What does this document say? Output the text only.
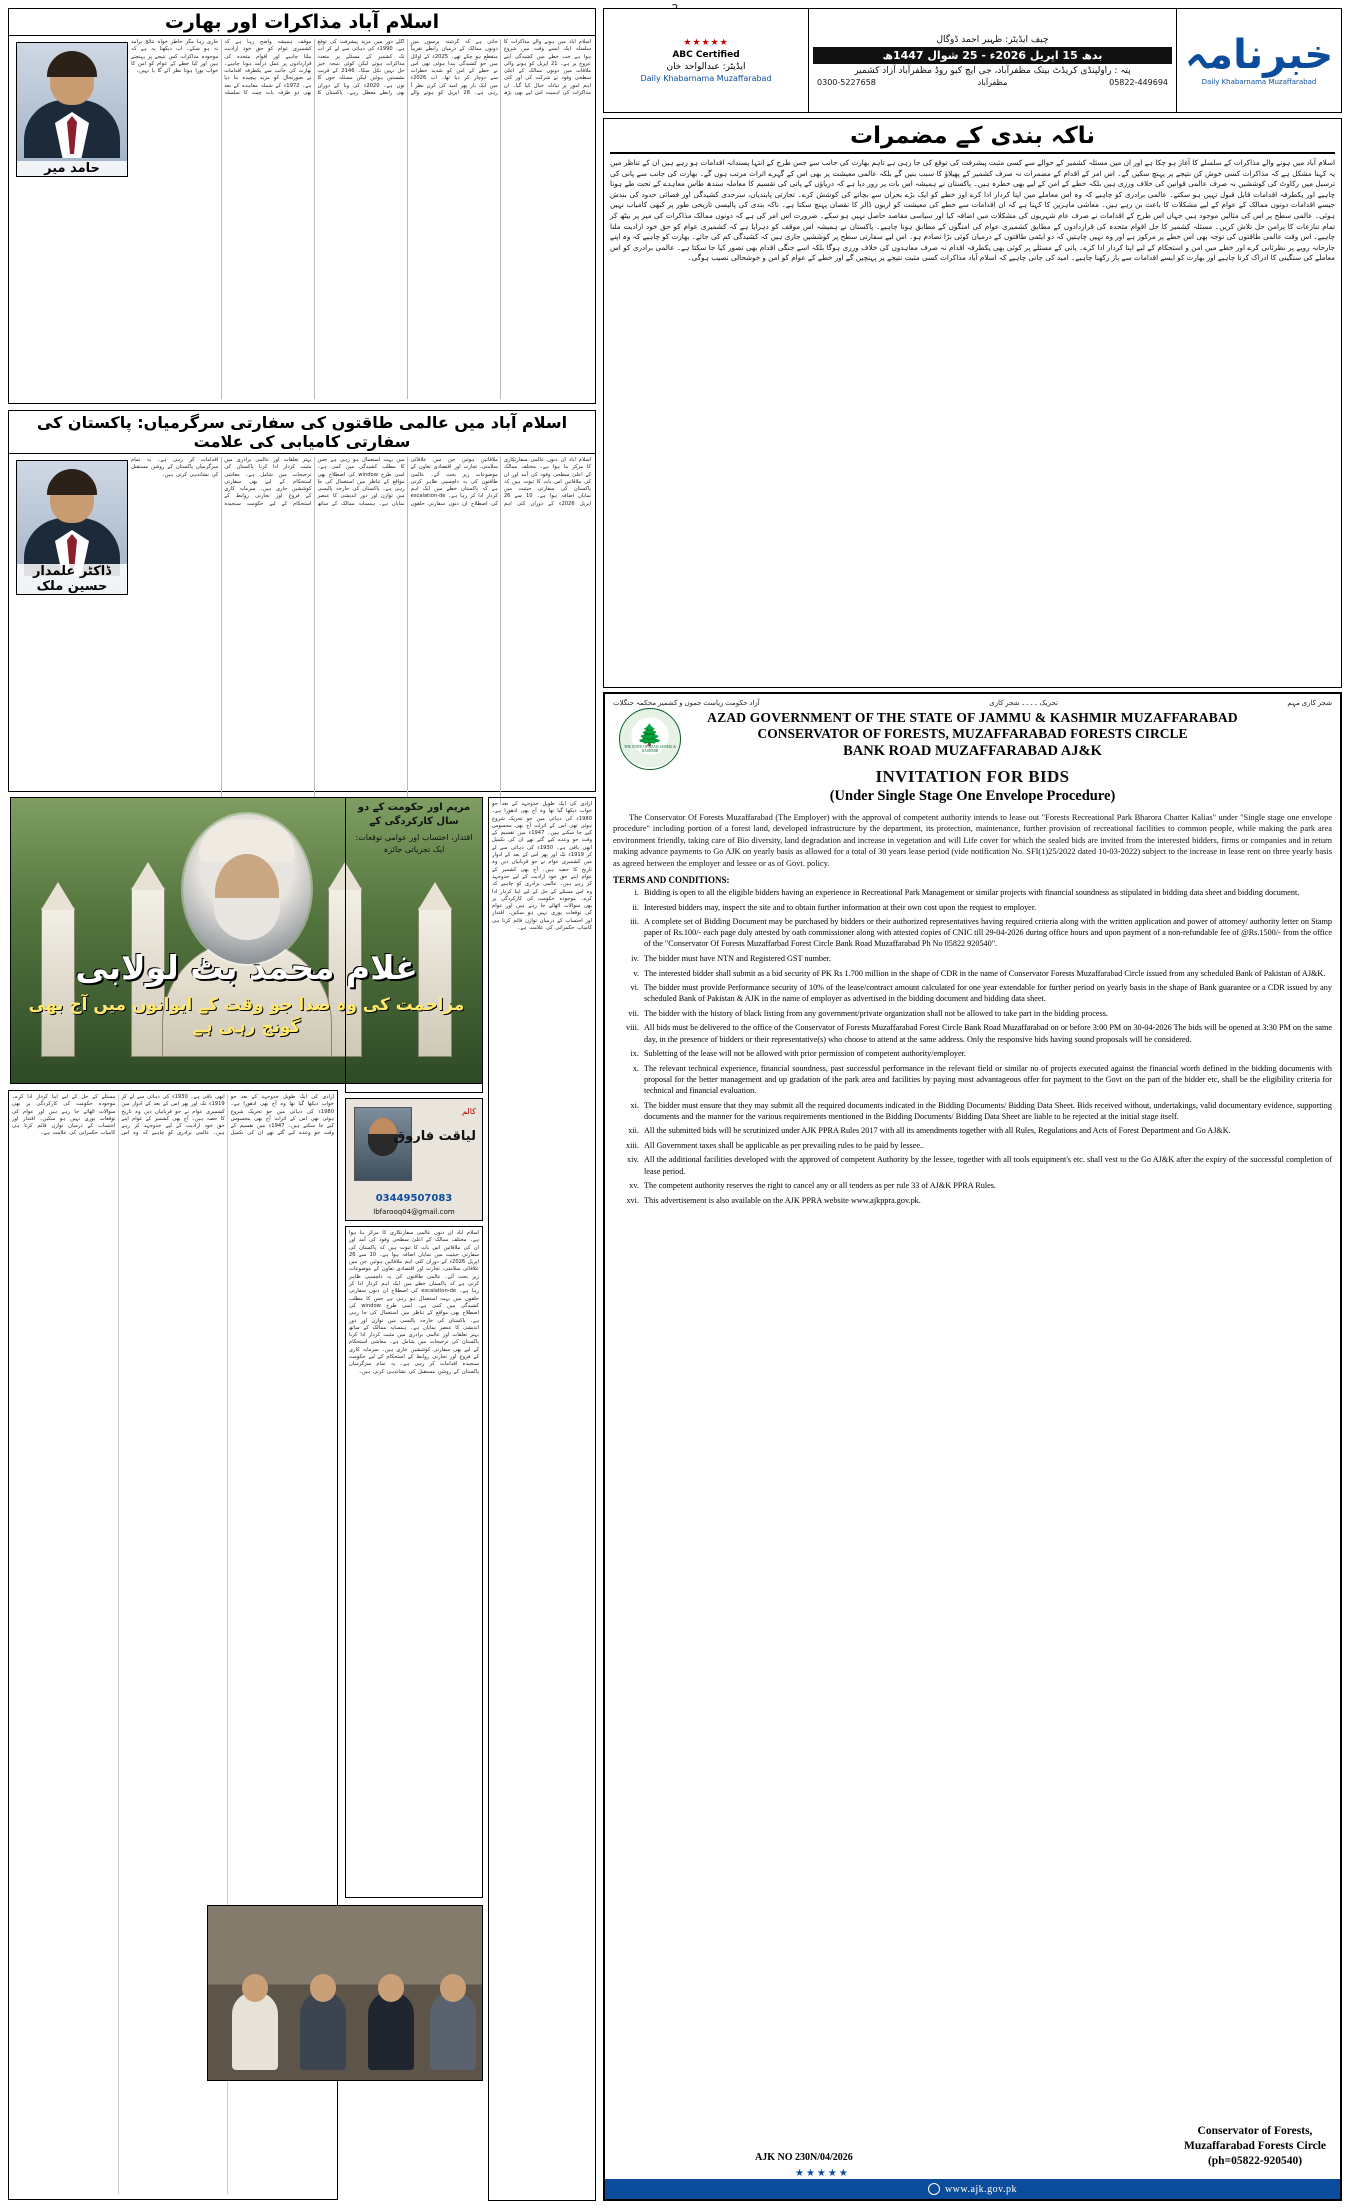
خبرنامہ
Daily Khabarnama Muzaffarabad
چیف ایڈیٹر: ظہیر احمد ڈوگال
بدھ 15 اپریل 2026ء - 25 شوال 1447ھ
پتہ : راولپنڈی کریڈٹ بینک مظفرآباد، جی ایچ کیو روڈ مظفرآباد آزاد کشمیر
05822-449694
مظفرآباد
0300-5227658
★★★★★
ABC Certified
ایڈیٹر: عبدالواحد خان
Daily Khabarnama Muzaffarabad
ناکہ بندی کے مضمرات
اسلام آباد میں ہونے والے مذاکرات کے سلسلے کا آغاز ہو چکا ہے اور ان میں مسئلہ کشمیر کے حوالے سے کسی مثبت پیشرفت کی توقع کی جا رہی ہے تاہم بھارت کی جانب سے جس طرح کے انتہا پسندانہ اقدامات ہو رہے ہیں ان کے تناظر میں یہ کہنا مشکل ہے کہ مذاکرات کسی خوش کن نتیجے پر پہنچ سکیں گے۔ اس امر کے اقدام کے مضمرات نہ صرف کشمیر کے پھیلاؤ کا سبب بنیں گے بلکہ عالمی معیشت پر بھی اس کے گہرے اثرات مرتب ہوں گے۔ بھارت کی جانب سے پانی کی ترسیل میں رکاوٹ کی کوششیں نہ صرف عالمی قوانین کی خلاف ورزی ہیں بلکہ خطے کے امن کے لیے بھی خطرہ ہیں۔ پاکستان نے ہمیشہ اس بات پر زور دیا ہے کہ دریاؤں کے پانی کی تقسیم کا معاملہ سندھ طاس معاہدے کے تحت طے ہونا چاہیے اور یکطرفہ اقدامات قابل قبول نہیں ہو سکتے۔ عالمی برادری کو چاہیے کہ وہ اس معاملے میں اپنا کردار ادا کرے اور خطے کو ایک بڑے بحران سے بچانے کی کوشش کرے۔ تجارتی پابندیاں، سرحدی کشیدگی اور فضائی حدود کی بندش جیسے اقدامات دونوں ممالک کے عوام کے لیے مشکلات کا باعث بن رہے ہیں۔ معاشی ماہرین کا کہنا ہے کہ ان اقدامات سے خطے کی معیشت کو اربوں ڈالر کا نقصان پہنچ سکتا ہے۔ ناکہ بندی کی پالیسی تاریخی طور پر کبھی کامیاب نہیں ہوئی۔ عالمی سطح پر اس کی مثالیں موجود ہیں جہاں اس طرح کے اقدامات نے صرف عام شہریوں کی مشکلات میں اضافہ کیا اور سیاسی مقاصد حاصل نہیں ہو سکے۔ ضرورت اس امر کی ہے کہ دونوں ممالک مذاکرات کی میز پر بیٹھ کر تمام تنازعات کا پرامن حل تلاش کریں۔ مسئلہ کشمیر کا حل اقوام متحدہ کی قراردادوں کے مطابق کشمیری عوام کی امنگوں کے مطابق ہونا چاہیے۔ پاکستان نے ہمیشہ اس موقف کو دہرایا ہے کہ کشمیری عوام کو حق خود ارادیت ملنا چاہیے۔ اس وقت عالمی طاقتوں کی توجہ بھی اس خطے پر مرکوز ہے اور وہ نہیں چاہتیں کہ دو ایٹمی طاقتوں کے درمیان کوئی بڑا تصادم ہو۔ اس لیے سفارتی سطح پر کوششیں جاری ہیں کہ کشیدگی کم کی جائے۔ بھارت کو چاہیے کہ وہ اپنے جارحانہ رویے پر نظرثانی کرے اور خطے میں امن و استحکام کے لیے اپنا کردار ادا کرے۔ پانی کے مسئلے پر کوئی بھی یکطرفہ اقدام نہ صرف معاہدوں کی خلاف ورزی ہوگا بلکہ اسے جنگی اقدام بھی تصور کیا جا سکتا ہے۔ عالمی برادری کو اس معاملے کی سنگینی کا ادراک کرنا چاہیے اور بھارت کو ایسے اقدامات سے باز رکھنا چاہیے۔ امید کی جانی چاہیے کہ اسلام آباد مذاکرات کسی مثبت نتیجے پر پہنچیں گے اور خطے کے عوام کو امن و خوشحالی نصیب ہوگی۔
شجر کاری مہم
تحریک ۔۔۔۔ شجر کاری
آزاد حکومت ریاست جموں و کشمیر محکمہ جنگلات
🌲
THE STATE OF AZAD JAMMU & KASHMIR
AZAD GOVERNMENT OF THE STATE OF JAMMU & KASHMIR MUZAFFARABAD
CONSERVATOR OF FORESTS, MUZAFFARABAD FORESTS CIRCLE
BANK ROAD MUZAFFARABAD AJ&K
INVITATION FOR BIDS
(Under Single Stage One Envelope Procedure)
The Conservator Of Forests Muzaffarabad (The Employer) with the approval of competent authority intends to lease out "Forests Recreational Park Bharora Chatter Kalias" under "Single stage one envelope procedure" including portion of a forest land, developed infrastructure by the department, its protection, maintenance, further provision of recreational facilities to common people, while making the park area environment friendly, taking care of Bio diversity, land degradation and increase in vegetation and will Life cover for which the sealed bids are invited from the interested bidders, firms or companies and in return making advance payments to Go AJK on yearly basis as allowed for a total of 30 years lease period (vide notification No. SFI(1)25/2022 dated 10-03-2022) subject to the increase in lease rent on three yearly basis as agreed between the employer and lessee or as of Govt. policy.
TERMS AND CONDITIONS:
i. Bidding is open to all the eligible bidders having an experience in Recreational Park Management or similar projects with financial soundness as stipulated in bidding data sheet and bidding document.
ii. Interested bidders may, inspect the site and to obtain further information at their own cost upon the request to employer.
iii. A complete set of Bidding Document may be purchased by bidders or their authorized representatives having required criteria along with the written application and power of attorney/ authority letter on Stamp paper of Rs.100/- each page duly attested by oath commissioner along with attested copies of CNIC till 29-04-2026 during office hours and upon payment of a non-refundable fee of @Rs.1500/- from the office of the "Conservator Of Forests Muzaffarbad Forest Circle Bank Road Muzaffarabad Ph No 05822 920540".
iv. The bidder must have NTN and Registered GST number.
v. The interested bidder shall submit as a bid security of PK Rs 1.700 million in the shape of CDR in the name of Conservator Forests Muzaffarabad Circle issued from any scheduled Bank of Pakistan of AJ&K.
vi. The bidder must provide Performance security of 10% of the lease/contract amount calculated for one year extendable for further period on yearly basis in the shape of Bank guarantee or a CDR issued by any scheduled Bank of Pakistan & AJK in the name of employer as advertised in the bidding document and bidding data sheet.
vii. The bidder with the history of black listing from any government/private organization shall not be allowed to take part in the bidding process.
viii. All bids must be delivered to the office of the Conservator of Forests Muzaffarabad Forest Circle Bank Road Muzaffarabad on or before 3:00 PM on 30-04-2026 The bids will be opened at 3:30 PM on the same day, in the presence of bidders or their representative(s) who choose to attend at the same address. Only the responsive bids having sound proposals will be considered.
ix. Subletting of the lease will not be allowed with prior permission of competent authority/employer.
x. The relevant technical experience, financial soundness, past successful performance in the relevant field or similar no of projects executed against the financial worth defined in the bidding documents with proposal for the better management and up gradation of the park area and facilities by paying most advantageous offer for payment to the Govt on the part of the bidder etc, shall be the eligibility criteria for technical and financial evaluation.
xi. The bidder must ensure that they may submit all the required documents indicated in the Bidding Documents/ Bidding Data Sheet. Bids received without, undertakings, valid documentary evidence, supporting documents and the manner for the various requirements mentioned in the Bidding Documents/ Bidding Data Sheet are liable to be rejected at the initial stage itself.
xii. All the submitted bids will be scrutinized under AJK PPRA Rules 2017 with all its amendments together with all Rules, Regulations and Acts of Forest Department and Go AJ&K.
xiii. All Government taxes shall be applicable as per prevailing rules to be paid by lessee..
xiv. All the additional facilities developed with the approved of competent Authority by the lessee, together with all tools equipment's etc. shall vest to the Go AJ&K after the expiry of the successful completion of lease period.
xv. The competent authority reserves the right to cancel any or all tenders as per rule 33 of AJ&K PPRA Rules.
xvi. This advertisement is also available on the AJK PPRA website www.ajkppra.gov.pk.
AJK NO 230N/04/2026
★★★★★
Conservator of Forests,
Muzaffarabad Forests Circle
(ph=05822-920540)
www.ajk.gov.pk
اسلام آباد مذاکرات اور بھارت
حامد میر
اسلام آباد میں ہونے والے مذاکرات کا سلسلہ ایک ایسے وقت میں شروع ہوا ہے جب خطے میں کشیدگی اپنے عروج پر ہے۔ 21 اپریل کو ہونے والی ملاقات میں دونوں ممالک کے اعلیٰ سطحی وفود نے شرکت کی اور کئی اہم امور پر تبادلہ خیال کیا گیا۔ ان مذاکرات کی اہمیت اس لیے بھی بڑھ جاتی ہے کہ گزشتہ برسوں میں دونوں ممالک کے درمیان رابطے تقریباً منقطع ہو چکے تھے۔ 2025ء کے اوائل میں جو کشیدگی پیدا ہوئی تھی اس نے خطے کے امن کو شدید خطرات سے دوچار کر دیا تھا۔ اب 2026ء میں ایک بار پھر امید کی کرن نظر آ رہی ہے۔ 28 اپریل کو ہونے والے اگلے دور میں مزید پیشرفت کی توقع ہے۔ 1990ء کی دہائی سے لے کر اب تک کشمیر کے مسئلے پر متعدد مذاکرات ہوئے لیکن کوئی نتیجہ خیز حل نہیں نکل سکا۔ 2146 کے قریب نشستیں ہوئیں لیکن مسئلہ جوں کا توں ہے۔ 2020ء کی وبا کے دوران بھی رابطے معطل رہے۔ پاکستان کا موقف ہمیشہ واضح رہا ہے کہ کشمیری عوام کو حق خود ارادیت ملنا چاہیے اور اقوام متحدہ کی قراردادوں پر عمل درآمد ہونا چاہیے۔ بھارت کی جانب سے یکطرفہ اقدامات نے صورتحال کو مزید پیچیدہ بنا دیا ہے۔ 1972ء کے شملہ معاہدے کے بعد بھی دو طرفہ بات چیت کا سلسلہ جاری رہا مگر خاطر خواہ نتائج برآمد نہ ہو سکے۔ اب دیکھنا یہ ہے کہ موجودہ مذاکرات کس نتیجے پر پہنچتے ہیں اور کیا خطے کے عوام کو امن کا خواب پورا ہوتا نظر آئے گا یا نہیں۔
اسلام آباد میں عالمی طاقتوں کی سفارتی سرگرمیاں: پاکستان کی سفارتی کامیابی کی علامت
ڈاکٹر علمدار حسین ملک
اسلام آباد ان دنوں عالمی سفارتکاری کا مرکز بنا ہوا ہے۔ مختلف ممالک کے اعلیٰ سطحی وفود کی آمد اور ان کی ملاقاتیں اس بات کا ثبوت ہیں کہ پاکستان کی سفارتی حیثیت میں نمایاں اضافہ ہوا ہے۔ 10 سے 26 اپریل 2026ء کے دوران کئی اہم ملاقاتیں ہوئیں جن میں علاقائی سلامتی، تجارت اور اقتصادی تعاون کے موضوعات زیر بحث آئے۔ عالمی طاقتوں کی یہ دلچسپی ظاہر کرتی ہے کہ پاکستان خطے میں ایک اہم کردار ادا کر رہا ہے۔ escalation-de کی اصطلاح ان دنوں سفارتی حلقوں میں بہت استعمال ہو رہی ہے جس کا مطلب کشیدگی میں کمی ہے۔ اسی طرح window کی اصطلاح بھی مواقع کے تناظر میں استعمال کی جا رہی ہے۔ پاکستان کی خارجہ پالیسی میں توازن اور دور اندیشی کا عنصر نمایاں ہے۔ ہمسایہ ممالک کے ساتھ بہتر تعلقات اور عالمی برادری میں مثبت کردار ادا کرنا پاکستان کی ترجیحات میں شامل ہے۔ معاشی استحکام کے لیے بھی سفارتی کوششیں جاری ہیں۔ سرمایہ کاری کے فروغ اور تجارتی روابط کے استحکام کے لیے حکومت سنجیدہ اقدامات کر رہی ہے۔ یہ تمام سرگرمیاں پاکستان کے روشن مستقبل کی نشاندہی کرتی ہیں۔
غلام محمد بٹ لولابی
مزاحمت کی وہ صدا جو وقت کے ایوانوں میں آج بھی گونج رہی ہے
آزادی کی ایک طویل جدوجہد کے بعد جو خواب دیکھا گیا تھا وہ آج بھی ادھورا ہے۔ 1980ء کی دہائی میں جو تحریک شروع ہوئی تھی اس کے اثرات آج بھی محسوس کیے جا سکتے ہیں۔ 1947ء میں تقسیم کے وقت جو وعدے کیے گئے تھے ان کی تکمیل ابھی باقی ہے۔ 1930ء کی دہائی سے لے کر 1919ء تک اور پھر اس کے بعد کے ادوار میں کشمیری عوام نے جو قربانیاں دیں وہ تاریخ کا حصہ ہیں۔ آج بھی کشمیر کے عوام اپنے حق خود ارادیت کے لیے جدوجہد کر رہے ہیں۔ عالمی برادری کو چاہیے کہ وہ اس مسئلے کے حل کے لیے اپنا کردار ادا کرے۔ موجودہ حکومت کی کارکردگی پر بھی سوالات اٹھائے جا رہے ہیں اور عوام کی توقعات پوری نہیں ہو سکیں۔ اقتدار اور احتساب کے درمیان توازن قائم کرنا ہی کامیاب حکمرانی کی علامت ہے۔
مریم اور حکومت کے دو سال کارکردگی کے
اقتدار، احتساب اور عوامی توقعات: ایک تجزیاتی جائزہ
آزادی کی ایک طویل جدوجہد کے بعد جو خواب دیکھا گیا تھا وہ آج بھی ادھورا ہے۔ 1980ء کی دہائی میں جو تحریک شروع ہوئی تھی اس کے اثرات آج بھی محسوس کیے جا سکتے ہیں۔ 1947ء میں تقسیم کے وقت جو وعدے کیے گئے تھے ان کی تکمیل ابھی باقی ہے۔ 1930ء کی دہائی سے لے کر 1919ء تک اور پھر اس کے بعد کے ادوار میں کشمیری عوام نے جو قربانیاں دیں وہ تاریخ کا حصہ ہیں۔ آج بھی کشمیر کے عوام اپنے حق خود ارادیت کے لیے جدوجہد کر رہے ہیں۔ عالمی برادری کو چاہیے کہ وہ اس مسئلے کے حل کے لیے اپنا کردار ادا کرے۔ موجودہ حکومت کی کارکردگی پر بھی سوالات اٹھائے جا رہے ہیں اور عوام کی توقعات پوری نہیں ہو سکیں۔ اقتدار اور احتساب کے درمیان توازن قائم کرنا ہی کامیاب حکمرانی کی علامت ہے۔
اسلام آباد ان دنوں عالمی سفارتکاری کا مرکز بنا ہوا ہے۔ مختلف ممالک کے اعلیٰ سطحی وفود کی آمد اور ان کی ملاقاتیں اس بات کا ثبوت ہیں کہ پاکستان کی سفارتی حیثیت میں نمایاں اضافہ ہوا ہے۔ 10 سے 26 اپریل 2026ء کے دوران کئی اہم ملاقاتیں ہوئیں جن میں علاقائی سلامتی، تجارت اور اقتصادی تعاون کے موضوعات زیر بحث آئے۔ عالمی طاقتوں کی یہ دلچسپی ظاہر کرتی ہے کہ پاکستان خطے میں ایک اہم کردار ادا کر رہا ہے۔ escalation-de کی اصطلاح ان دنوں سفارتی حلقوں میں بہت استعمال ہو رہی ہے جس کا مطلب کشیدگی میں کمی ہے۔ اسی طرح window کی اصطلاح بھی مواقع کے تناظر میں استعمال کی جا رہی ہے۔ پاکستان کی خارجہ پالیسی میں توازن اور دور اندیشی کا عنصر نمایاں ہے۔ ہمسایہ ممالک کے ساتھ بہتر تعلقات اور عالمی برادری میں مثبت کردار ادا کرنا پاکستان کی ترجیحات میں شامل ہے۔ معاشی استحکام کے لیے بھی سفارتی کوششیں جاری ہیں۔ سرمایہ کاری کے فروغ اور تجارتی روابط کے استحکام کے لیے حکومت سنجیدہ اقدامات کر رہی ہے۔ یہ تمام سرگرمیاں پاکستان کے روشن مستقبل کی نشاندہی کرتی ہیں۔
کالم
لیاقت فاروق
03449507083
lbfarooq04@gmail.com
